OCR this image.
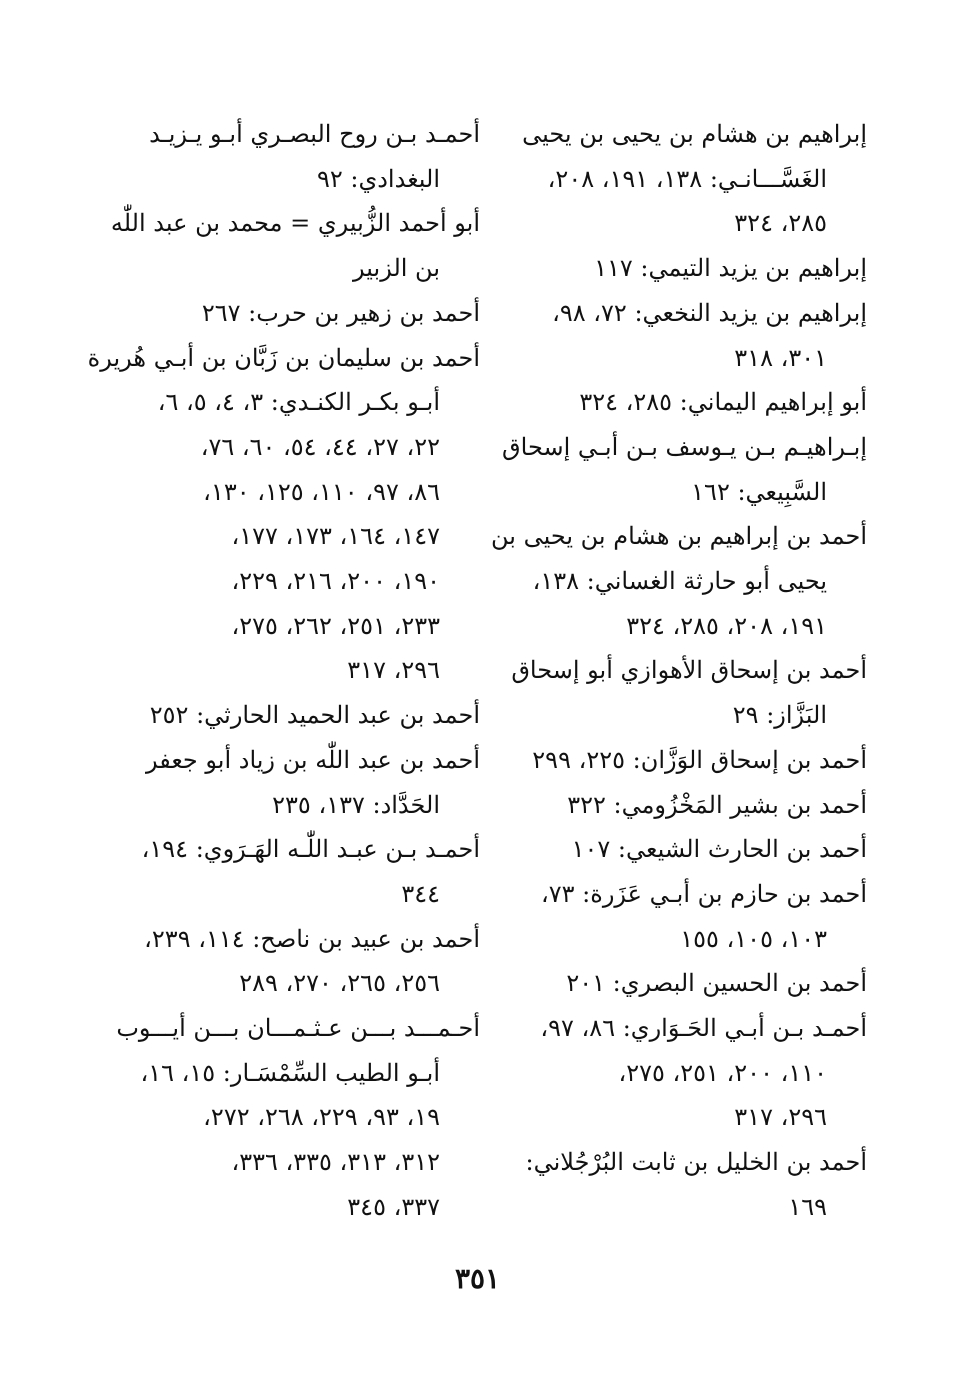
إبراهيم بن هشام بن يحيى بن يحيى
الغَسَّـــانـي: ١٣٨، ١٩١، ٢٠٨،
٢٨٥، ٣٢٤

إبراهيم بن يزيد التيمي: ١١٧

إبراهيم بن يزيد النخعي: ٧٢، ٩٨،
٣٠١، ٣١٨

أبو إبراهيم اليماني: ٢٨٥، ٣٢٤

إبـراهيـم بـن يـوسف بـن أبـي إسحاق
السَّبِيعي: ١٦٢

أحمد بن إبراهيم بن هشام بن يحيى بن
يحيى أبو حارثة الغساني: ١٣٨،
١٩١، ٢٠٨، ٢٨٥، ٣٢٤

أحمد بن إسحاق الأهوازي أبو إسحاق
البَزَّاز: ٢٩

أحمد بن إسحاق الوَزَّان: ٢٢٥، ٢٩٩

أحمد بن بشير المَخْزُومي: ٣٢٢

أحمد بن الحارث الشيعي: ١٠٧

أحمد بن حازم بن أبـي عَزَرة: ٧٣،
١٠٣، ١٠٥، ١٥٥

أحمد بن الحسين البصري: ٢٠١

أحمـد بـن أبـي الحَـوَاري: ٨٦، ٩٧،
١١٠، ٢٠٠، ٢٥١، ٢٧٥،
٢٩٦، ٣١٧

أحمد بن الخليل بن ثابت البُرْجُلاني:
١٦٩

أحمـد بـن روح البصـري أبـو يـزيـد
البغدادي: ٩٢

أبو أحمد الزُّبيري = محمد بن عبد اللّٰه
بن الزبير

أحمد بن زهير بن حرب: ٢٦٧

أحمد بن سليمان بن زَبَّان بن أبـي هُريرة
أبـو بكـر الكنـدي: ٣، ٤، ٥، ٦،
٢٢، ٢٧، ٤٤، ٥٤، ٦٠، ٧٦،
٨٦، ٩٧، ١١٠، ١٢٥، ١٣٠،
١٤٧، ١٦٤، ١٧٣، ١٧٧،
١٩٠، ٢٠٠، ٢١٦، ٢٢٩،
٢٣٣، ٢٥١، ٢٦٢، ٢٧٥،
٢٩٦، ٣١٧

أحمد بن عبد الحميد الحارثي: ٢٥٢

أحمد بن عبد اللّٰه بن زياد أبو جعفر
الحَدَّاد: ١٣٧، ٢٣٥

أحمـد بـن عبـد اللّٰـه الهَـرَوي: ١٩٤،
٣٤٤

أحمد بن عبيد بن ناصح: ١١٤، ٢٣٩،
٢٥٦، ٢٦٥، ٢٧٠، ٢٨٩

أحـمـــد بـــن عـثـمـــان بـــن أيـــوب
أبـو الطيب السِّمْسَـار: ١٥، ١٦،
١٩، ٩٣، ٢٢٩، ٢٦٨، ٢٧٢،
٣١٢، ٣١٣، ٣٣٥، ٣٣٦،
٣٣٧، ٣٤٥

٣٥١
